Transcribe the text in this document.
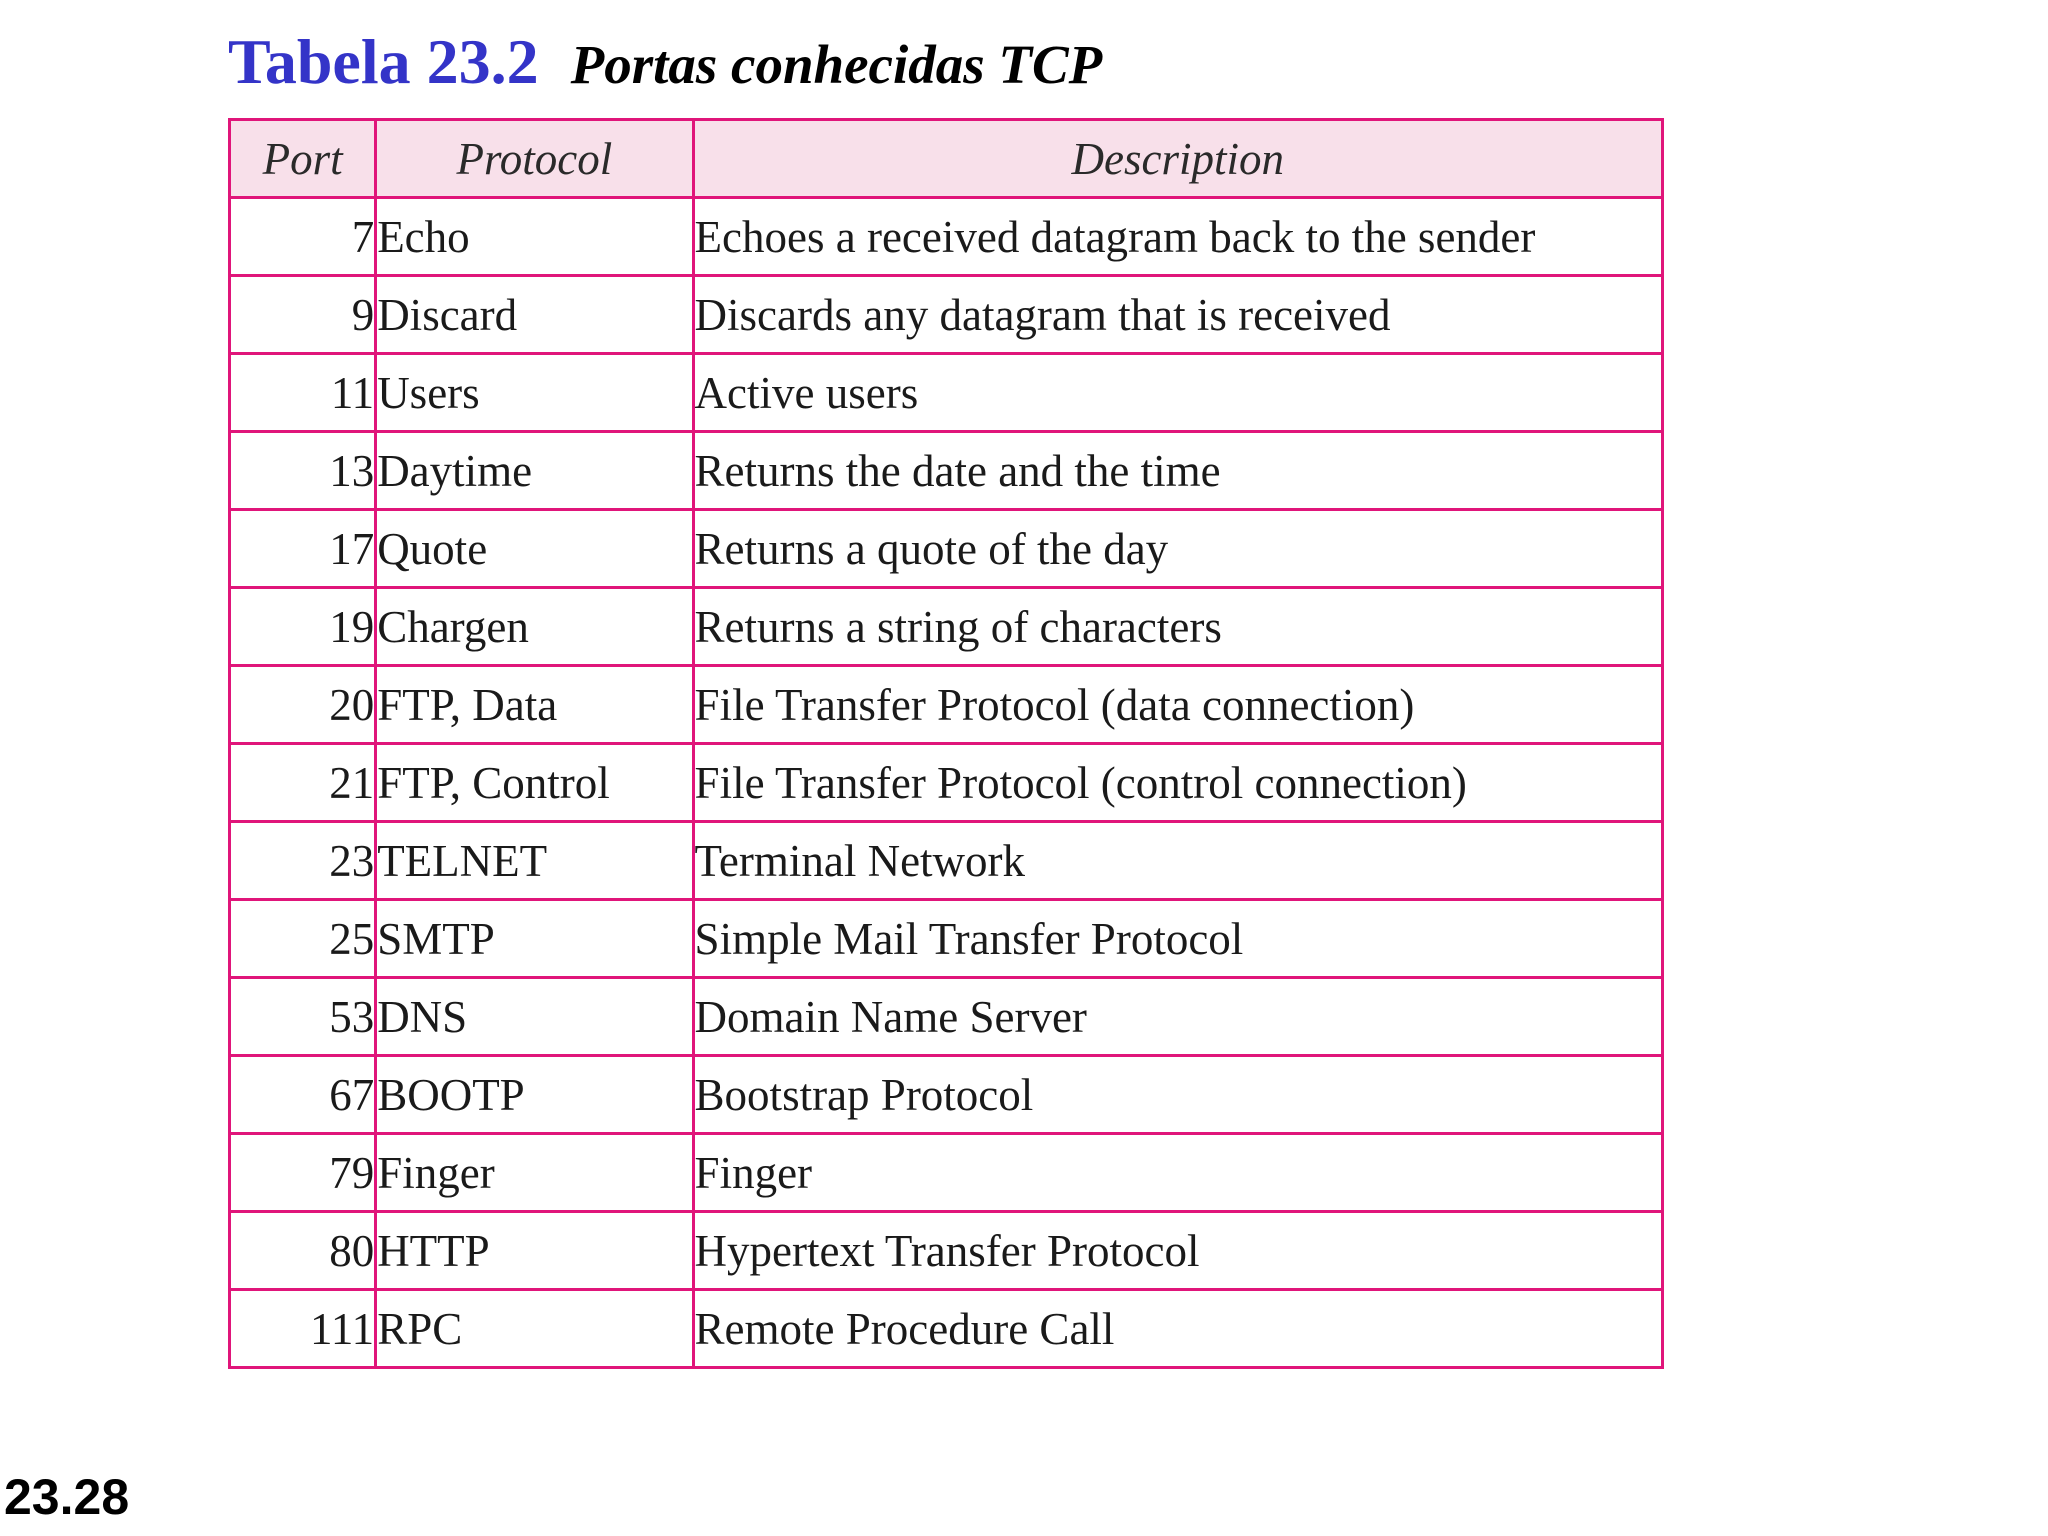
Tabela 23.2 Portas conhecidas TCP
Port	Protocol	Description
7	Echo	Echoes a received datagram back to the sender
9	Discard	Discards any datagram that is received
11	Users	Active users
13	Daytime	Returns the date and the time
17	Quote	Returns a quote of the day
19	Chargen	Returns a string of characters
20	FTP, Data	File Transfer Protocol (data connection)
21	FTP, Control	File Transfer Protocol (control connection)
23	TELNET	Terminal Network
25	SMTP	Simple Mail Transfer Protocol
53	DNS	Domain Name Server
67	BOOTP	Bootstrap Protocol
79	Finger	Finger
80	HTTP	Hypertext Transfer Protocol
111	RPC	Remote Procedure Call
23.28
